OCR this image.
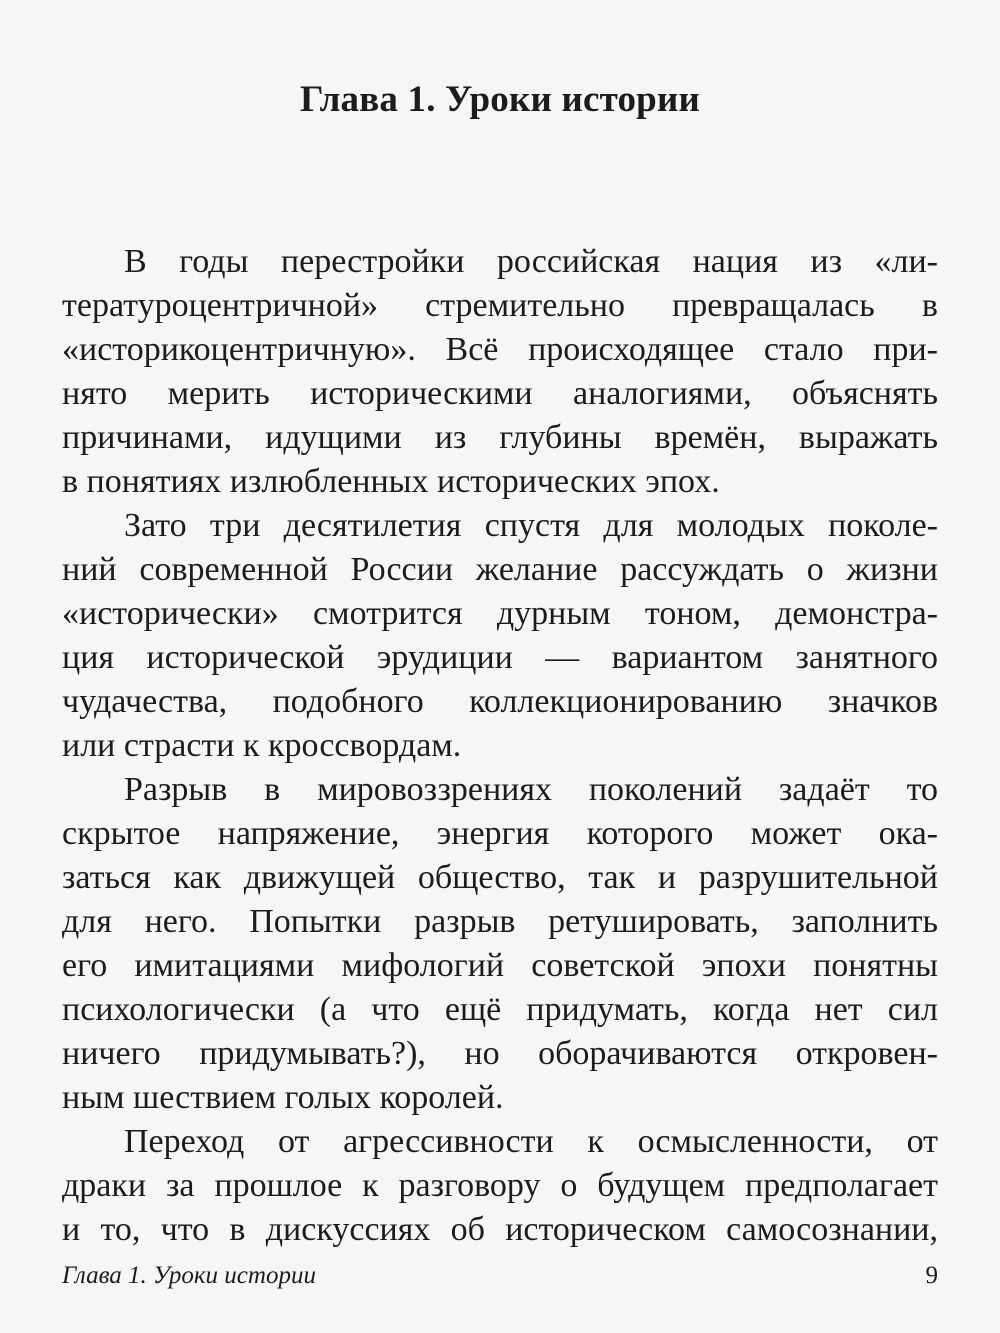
Глава 1. Уроки истории
В годы перестройки российская нация из «ли-
тературоцентричной» стремительно превращалась в
«историкоцентричную». Всё происходящее стало при-
нято мерить историческими аналогиями, объяснять
причинами, идущими из глубины времён, выражать
в понятиях излюбленных исторических эпох.
Зато три десятилетия спустя для молодых поколе-
ний современной России желание рассуждать о жизни
«исторически» смотрится дурным тоном, демонстра-
ция исторической эрудиции — вариантом занятного
чудачества, подобного коллекционированию значков
или страсти к кроссвордам.
Разрыв в мировоззрениях поколений задаёт то
скрытое напряжение, энергия которого может ока-
заться как движущей общество, так и разрушительной
для него. Попытки разрыв ретушировать, заполнить
его имитациями мифологий советской эпохи понятны
психологически (а что ещё придумать, когда нет сил
ничего придумывать?), но оборачиваются откровен-
ным шествием голых королей.
Переход от агрессивности к осмысленности, от
драки за прошлое к разговору о будущем предполагает
и то, что в дискуссиях об историческом самосознании,
Глава 1. Уроки истории	9
